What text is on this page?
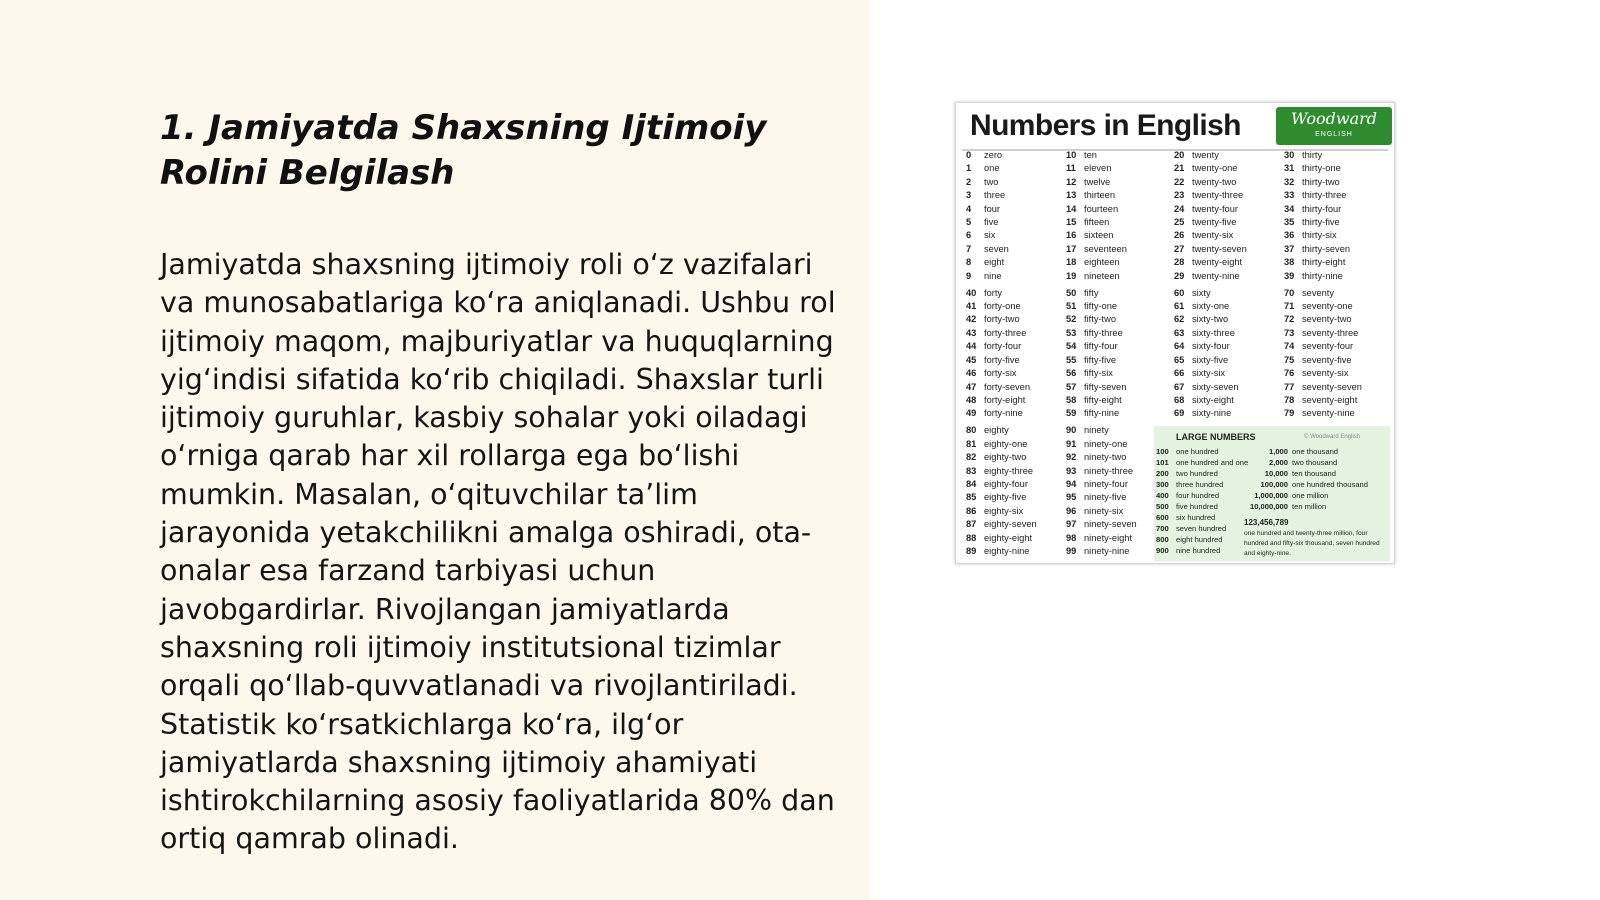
1. Jamiyatda Shaxsning Ijtimoiy Rolini Belgilash

Jamiyatda shaxsning ijtimoiy roli o‘z vazifalari va munosabatlariga ko‘ra aniqlanadi. Ushbu rol ijtimoiy maqom, majburiyatlar va huquqlarning yig‘indisi sifatida ko‘rib chiqiladi. Shaxslar turli ijtimoiy guruhlar, kasbiy sohalar yoki oiladagi o‘rniga qarab har xil rollarga ega bo‘lishi mumkin. Masalan, o‘qituvchilar ta’lim jarayonida yetakchilikni amalga oshiradi, ota-onalar esa farzand tarbiyasi uchun javobgardirlar. Rivojlangan jamiyatlarda shaxsning roli ijtimoiy institutsional tizimlar orqali qo‘llab-quvvatlanadi va rivojlantiriladi. Statistik ko‘rsatkichlarga ko‘ra, ilg‘or jamiyatlarda shaxsning ijtimoiy ahamiyati ishtirokchilarning asosiy faoliyatlarida 80% dan ortiq qamrab olinadi.

Numbers in English	Woodward
ENGLISH
0 zero
1 one
2 two
3 three
4 four
5 five
6 six
7 seven
8 eight
9 nine
40 forty
41 forty-one
42 forty-two
43 forty-three
44 forty-four
45 forty-five
46 forty-six
47 forty-seven
48 forty-eight
49 forty-nine
80 eighty
81 eighty-one
82 eighty-two
83 eighty-three
84 eighty-four
85 eighty-five
86 eighty-six
87 eighty-seven
88 eighty-eight
89 eighty-nine
10 ten
11 eleven
12 twelve
13 thirteen
14 fourteen
15 fifteen
16 sixteen
17 seventeen
18 eighteen
19 nineteen
50 fifty
51 fifty-one
52 fifty-two
53 fifty-three
54 fifty-four
55 fifty-five
56 fifty-six
57 fifty-seven
58 fifty-eight
59 fifty-nine
90 ninety
91 ninety-one
92 ninety-two
93 ninety-three
94 ninety-four
95 ninety-five
96 ninety-six
97 ninety-seven
98 ninety-eight
99 ninety-nine
20 twenty
21 twenty-one
22 twenty-two
23 twenty-three
24 twenty-four
25 twenty-five
26 twenty-six
27 twenty-seven
28 twenty-eight
29 twenty-nine
60 sixty
61 sixty-one
62 sixty-two
63 sixty-three
64 sixty-four
65 sixty-five
66 sixty-six
67 sixty-seven
68 sixty-eight
69 sixty-nine
30 thirty
31 thirty-one
32 thirty-two
33 thirty-three
34 thirty-four
35 thirty-five
36 thirty-six
37 thirty-seven
38 thirty-eight
39 thirty-nine
70 seventy
71 seventy-one
72 seventy-two
73 seventy-three
74 seventy-four
75 seventy-five
76 seventy-six
77 seventy-seven
78 seventy-eight
79 seventy-nine
LARGE NUMBERS	© Woodward English
100 one hundred
101 one hundred and one
200 two hundred
300 three hundred
400 four hundred
500 five hundred
600 six hundred
700 seven hundred
800 eight hundred
900 nine hundred
1,000 one thousand
2,000 two thousand
10,000 ten thousand
100,000 one hundred thousand
1,000,000 one million
10,000,000 ten million
123,456,789
one hundred and twenty-three million, four hundred and fifty-six thousand, seven hundred and eighty-nine.
